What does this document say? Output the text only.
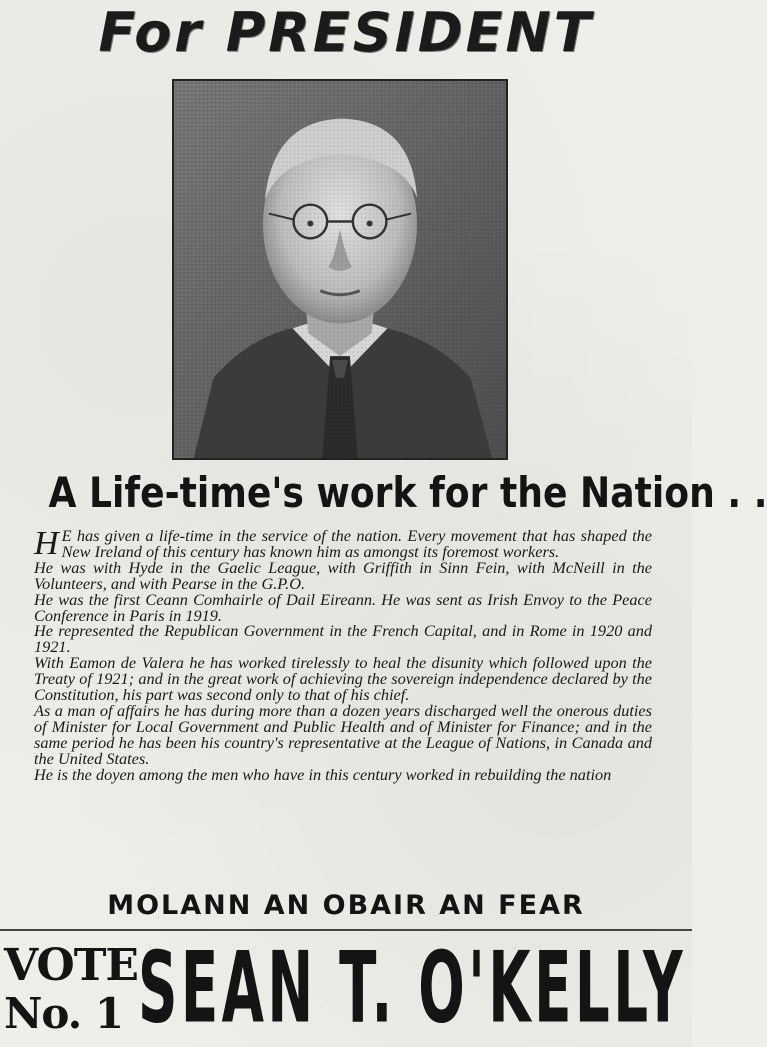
For PRESIDENT
A Life-time's work for the Nation . .

H E has given a life-time in the service of the nation. Every movement that has shaped the New Ireland of this century has known him as amongst its foremost workers.

He was with Hyde in the Gaelic League, with Griffith in Sinn Fein, with McNeill in the Volunteers, and with Pearse in the G.P.O.

He was the first Ceann Comhairle of Dail Eireann. He was sent as Irish Envoy to the Peace Conference in Paris in 1919.

He represented the Republican Government in the French Capital, and in Rome in 1920 and 1921.

With Eamon de Valera he has worked tirelessly to heal the disunity which followed upon the Treaty of 1921; and in the great work of achieving the sovereign independence declared by the Constitution, his part was second only to that of his chief.

As a man of affairs he has during more than a dozen years discharged well the onerous duties of Minister for Local Government and Public Health and of Minister for Finance; and in the same period he has been his country's representative at the League of Nations, in Canada and the United States.

He is the doyen among the men who have in this century worked in rebuilding the nation

MOLANN AN OBAIR AN FEAR
VOTE
No. 1 SEAN T. O'KELLY
